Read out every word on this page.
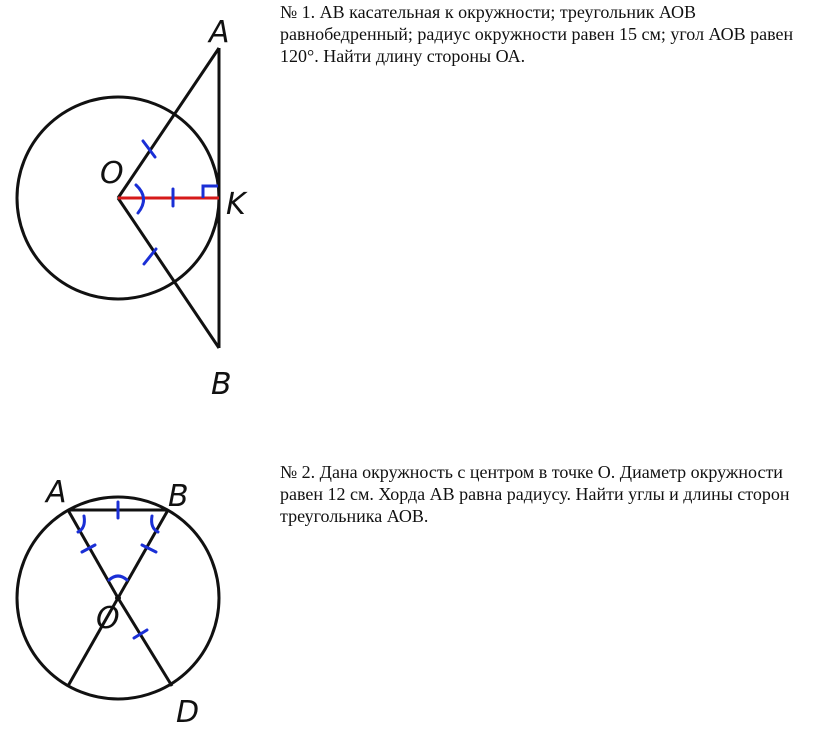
№ 1. АВ касательная к окружности; треугольник АОВ равнобедренный; радиус окружности равен 15 см; угол АОВ равен 120°. Найти длину стороны ОА.

№ 2. Дана окружность с центром в точке О. Диаметр окружности равен 12 см. Хорда АВ равна радиусу. Найти углы и длины сторон треугольника АОВ.

A
O
K
B
A	B
O
D
